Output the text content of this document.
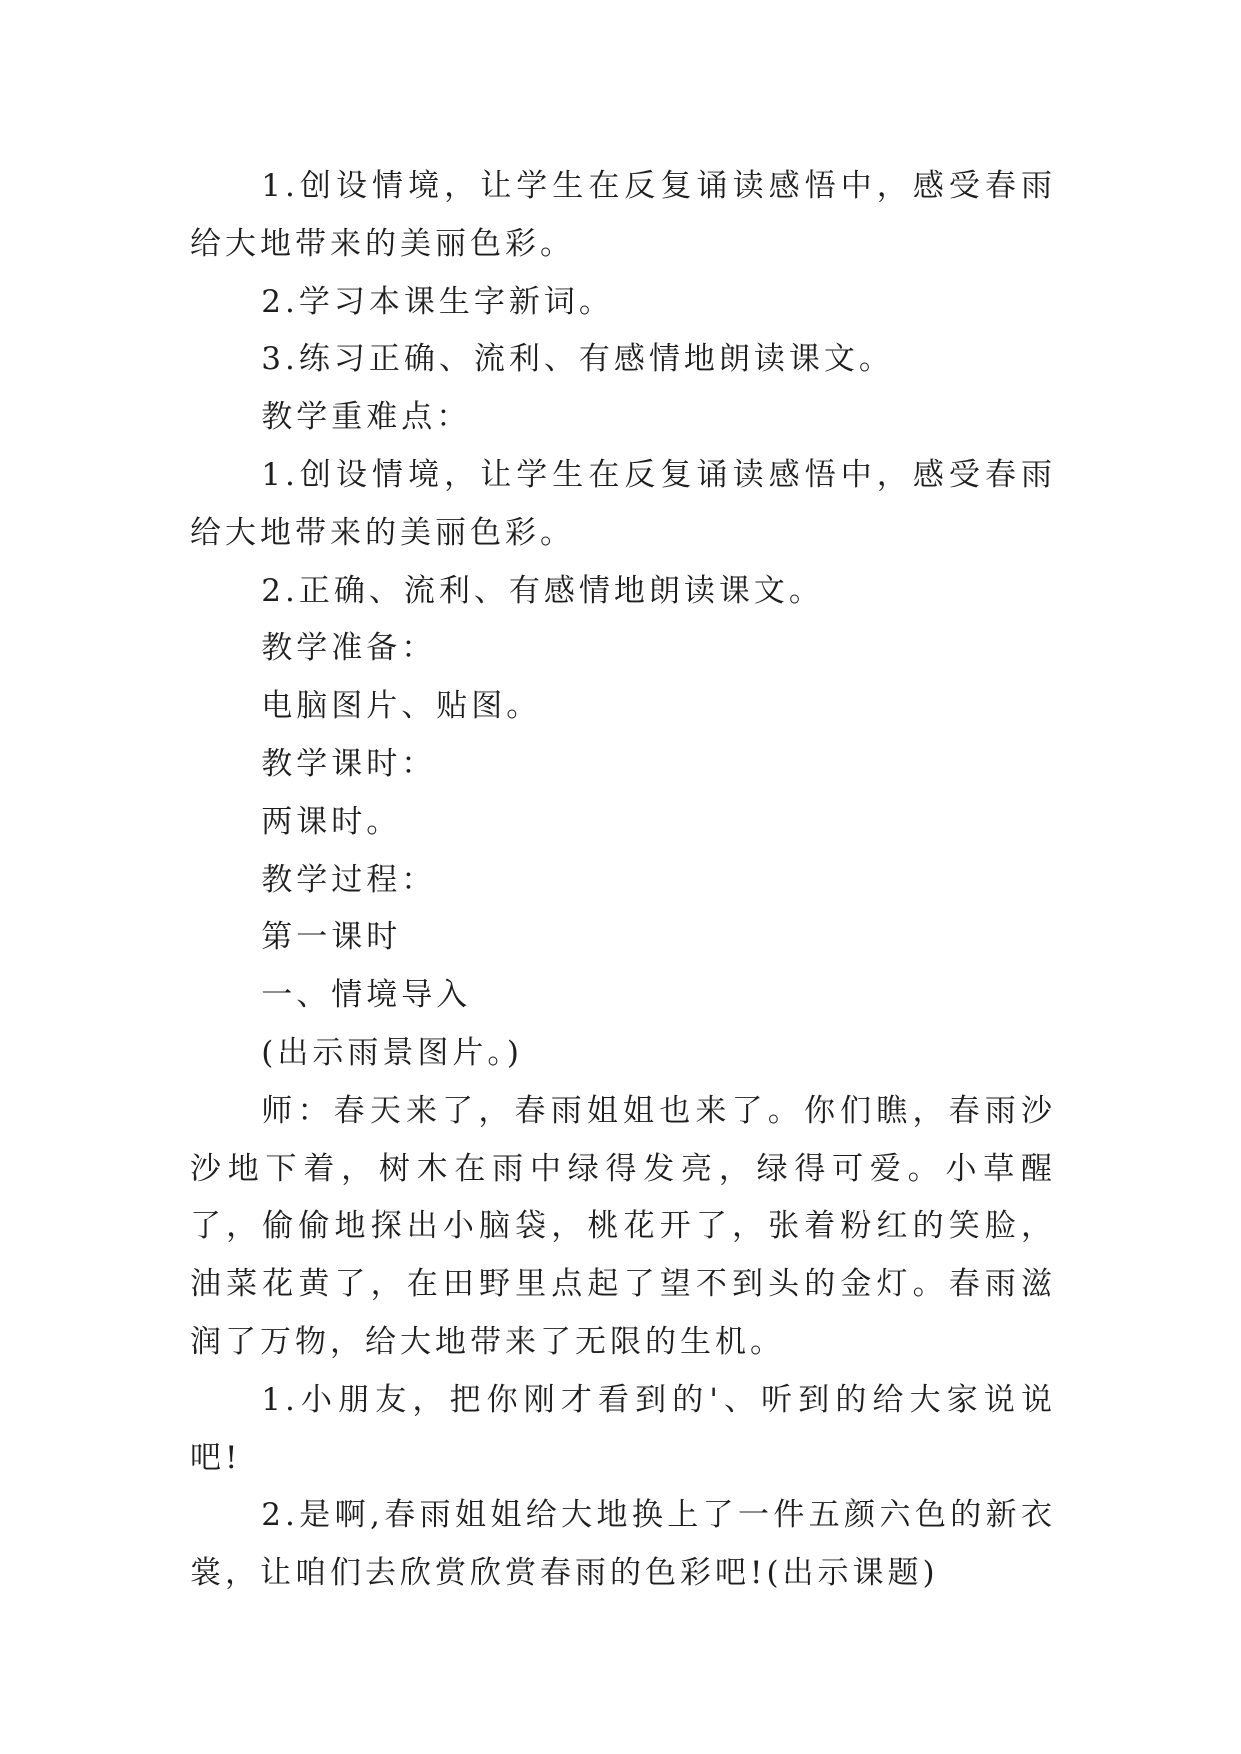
1.创设情境，让学生在反复诵读感悟中，感受春雨给大地带来的美丽色彩。

2.学习本课生字新词。

3.练习正确、流利、有感情地朗读课文。

教学重难点：

1.创设情境，让学生在反复诵读感悟中，感受春雨给大地带来的美丽色彩。

2.正确、流利、有感情地朗读课文。

教学准备：

电脑图片、贴图。

教学课时：

两课时。

教学过程：

第一课时

一、情境导入

(出示雨景图片。)

师：春天来了，春雨姐姐也来了。你们瞧，春雨沙沙地下着，树木在雨中绿得发亮，绿得可爱。小草醒了，偷偷地探出小脑袋，桃花开了，张着粉红的笑脸，油菜花黄了，在田野里点起了望不到头的金灯。春雨滋润了万物，给大地带来了无限的生机。

1.小朋友，把你刚才看到的'、听到的给大家说说吧!

2.是啊,春雨姐姐给大地换上了一件五颜六色的新衣裳，让咱们去欣赏欣赏春雨的色彩吧!(出示课题)
